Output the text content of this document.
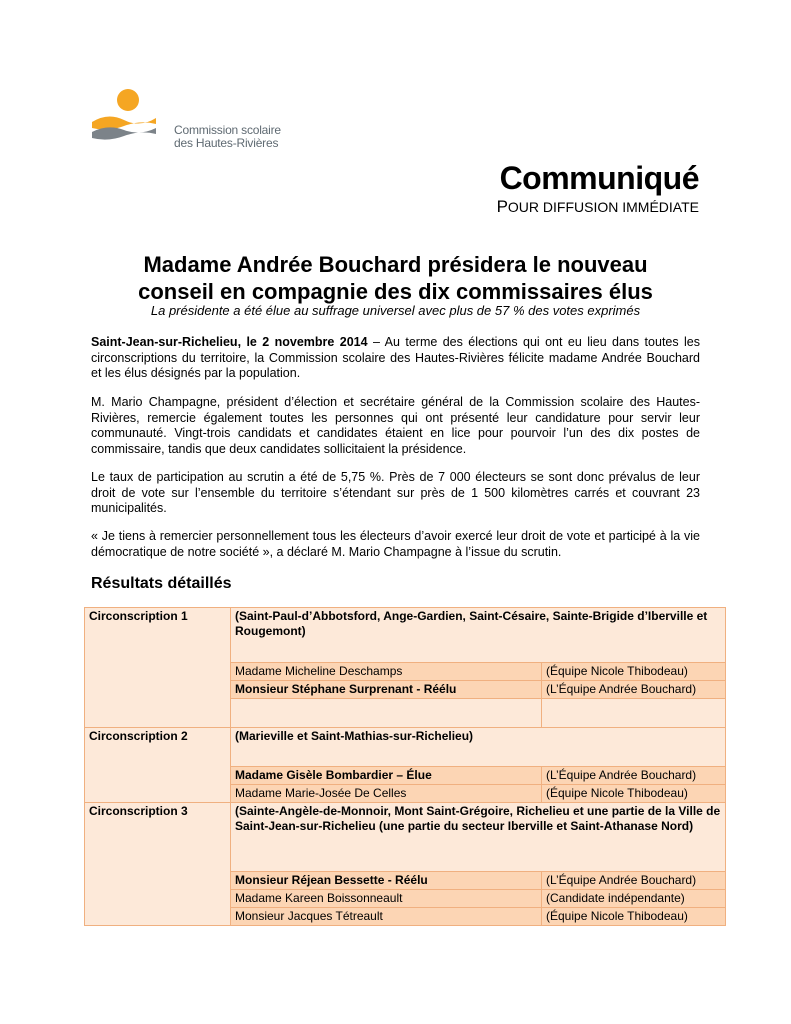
Commission scolaire
des Hautes-Rivières
Communiqué
POUR DIFFUSION IMMÉDIATE
Madame Andrée Bouchard présidera le nouveau
conseil en compagnie des dix commissaires élus
La présidente a été élue au suffrage universel avec plus de 57 % des votes exprimés
Saint-Jean-sur-Richelieu, le 2 novembre 2014 – Au terme des élections qui ont eu lieu dans toutes les circonscriptions du territoire, la Commission scolaire des Hautes-Rivières félicite madame Andrée Bouchard et les élus désignés par la population.
M. Mario Champagne, président d’élection et secrétaire général de la Commission scolaire des Hautes-Rivières, remercie également toutes les personnes qui ont présenté leur candidature pour servir leur communauté. Vingt-trois candidats et candidates étaient en lice pour pourvoir l’un des dix postes de commissaire, tandis que deux candidates sollicitaient la présidence.
Le taux de participation au scrutin a été de 5,75 %. Près de 7 000 électeurs se sont donc prévalus de leur droit de vote sur l’ensemble du territoire s’étendant sur près de 1 500 kilomètres carrés et couvrant 23 municipalités.
« Je tiens à remercier personnellement tous les électeurs d’avoir exercé leur droit de vote et participé à la vie démocratique de notre société », a déclaré M. Mario Champagne à l’issue du scrutin.
Résultats détaillés
Circonscription 1	(Saint-Paul-d’Abbotsford, Ange-Gardien, Saint-Césaire, Sainte-Brigide d’Iberville et Rougemont)	
	Madame Micheline Deschamps	(Équipe Nicole Thibodeau)
	Monsieur Stéphane Surprenant - Réélu	(L’Équipe Andrée Bouchard)

Circonscription 2	(Marieville et Saint-Mathias-sur-Richelieu)	
	Madame Gisèle Bombardier – Élue	(L’Équipe Andrée Bouchard)
	Madame Marie-Josée De Celles	(Équipe Nicole Thibodeau)
Circonscription 3	(Sainte-Angèle-de-Monnoir, Mont Saint-Grégoire, Richelieu et une partie de la Ville de Saint-Jean-sur-Richelieu (une partie du secteur Iberville et Saint-Athanase Nord)	
	Monsieur Réjean Bessette - Réélu	(L’Équipe Andrée Bouchard)
	Madame Kareen Boissonneault	(Candidate indépendante)
	Monsieur Jacques Tétreault	(Équipe Nicole Thibodeau)
